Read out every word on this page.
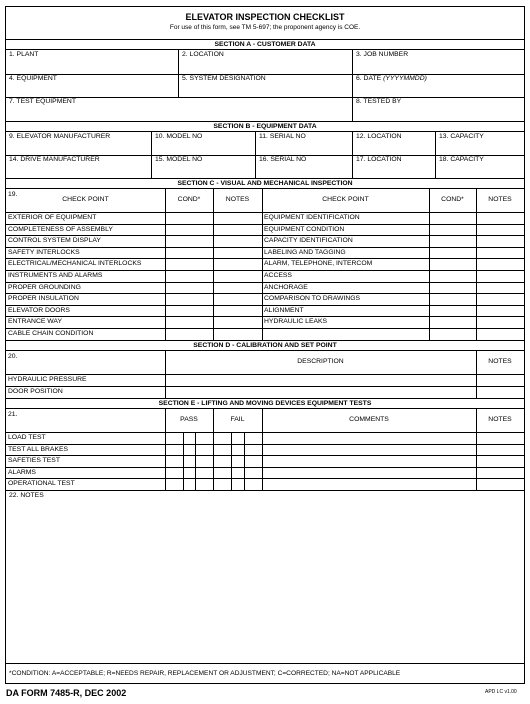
ELEVATOR INSPECTION CHECKLIST
For use of this form, see TM 5-697; the proponent agency is COE.
SECTION A - CUSTOMER DATA
1. PLANT	2. LOCATION	3. JOB NUMBER
4. EQUIPMENT	5. SYSTEM DESIGNATION	6. DATE (YYYYMMDD)
7. TEST EQUIPMENT	8. TESTED BY
SECTION B - EQUIPMENT DATA
9. ELEVATOR MANUFACTURER	10. MODEL NO	11. SERIAL NO	12. LOCATION	13. CAPACITY
14. DRIVE MANUFACTURER	15. MODEL NO	16. SERIAL NO	17. LOCATION	18. CAPACITY
SECTION C - VISUAL AND MECHANICAL INSPECTION
19.
CHECK POINT	COND*	NOTES	CHECK POINT	COND*	NOTES
EXTERIOR OF EQUIPMENT	EQUIPMENT IDENTIFICATION
COMPLETENESS OF ASSEMBLY	EQUIPMENT CONDITION
CONTROL SYSTEM DISPLAY	CAPACITY IDENTIFICATION
SAFETY INTERLOCKS	LABELING AND TAGGING
ELECTRICAL/MECHANICAL INTERLOCKS	ALARM, TELEPHONE, INTERCOM
INSTRUMENTS AND ALARMS	ACCESS
PROPER GROUNDING	ANCHORAGE
PROPER INSULATION	COMPARISON TO DRAWINGS
ELEVATOR DOORS	ALIGNMENT
ENTRANCE WAY	HYDRAULIC LEAKS
CABLE CHAIN CONDITION
SECTION D - CALIBRATION AND SET POINT
20.
DESCRIPTION	NOTES
HYDRAULIC PRESSURE
DOOR POSITION
SECTION E - LIFTING AND MOVING DEVICES EQUIPMENT TESTS
21.
PASS	FAIL	COMMENTS	NOTES
LOAD TEST
TEST ALL BRAKES
SAFETIES TEST
ALARMS
OPERATIONAL TEST
22. NOTES
*CONDITION: A=ACCEPTABLE; R=NEEDS REPAIR, REPLACEMENT OR ADJUSTMENT; C=CORRECTED; NA=NOT APPLICABLE
DA FORM 7485-R, DEC 2002	APD LC v1.00
